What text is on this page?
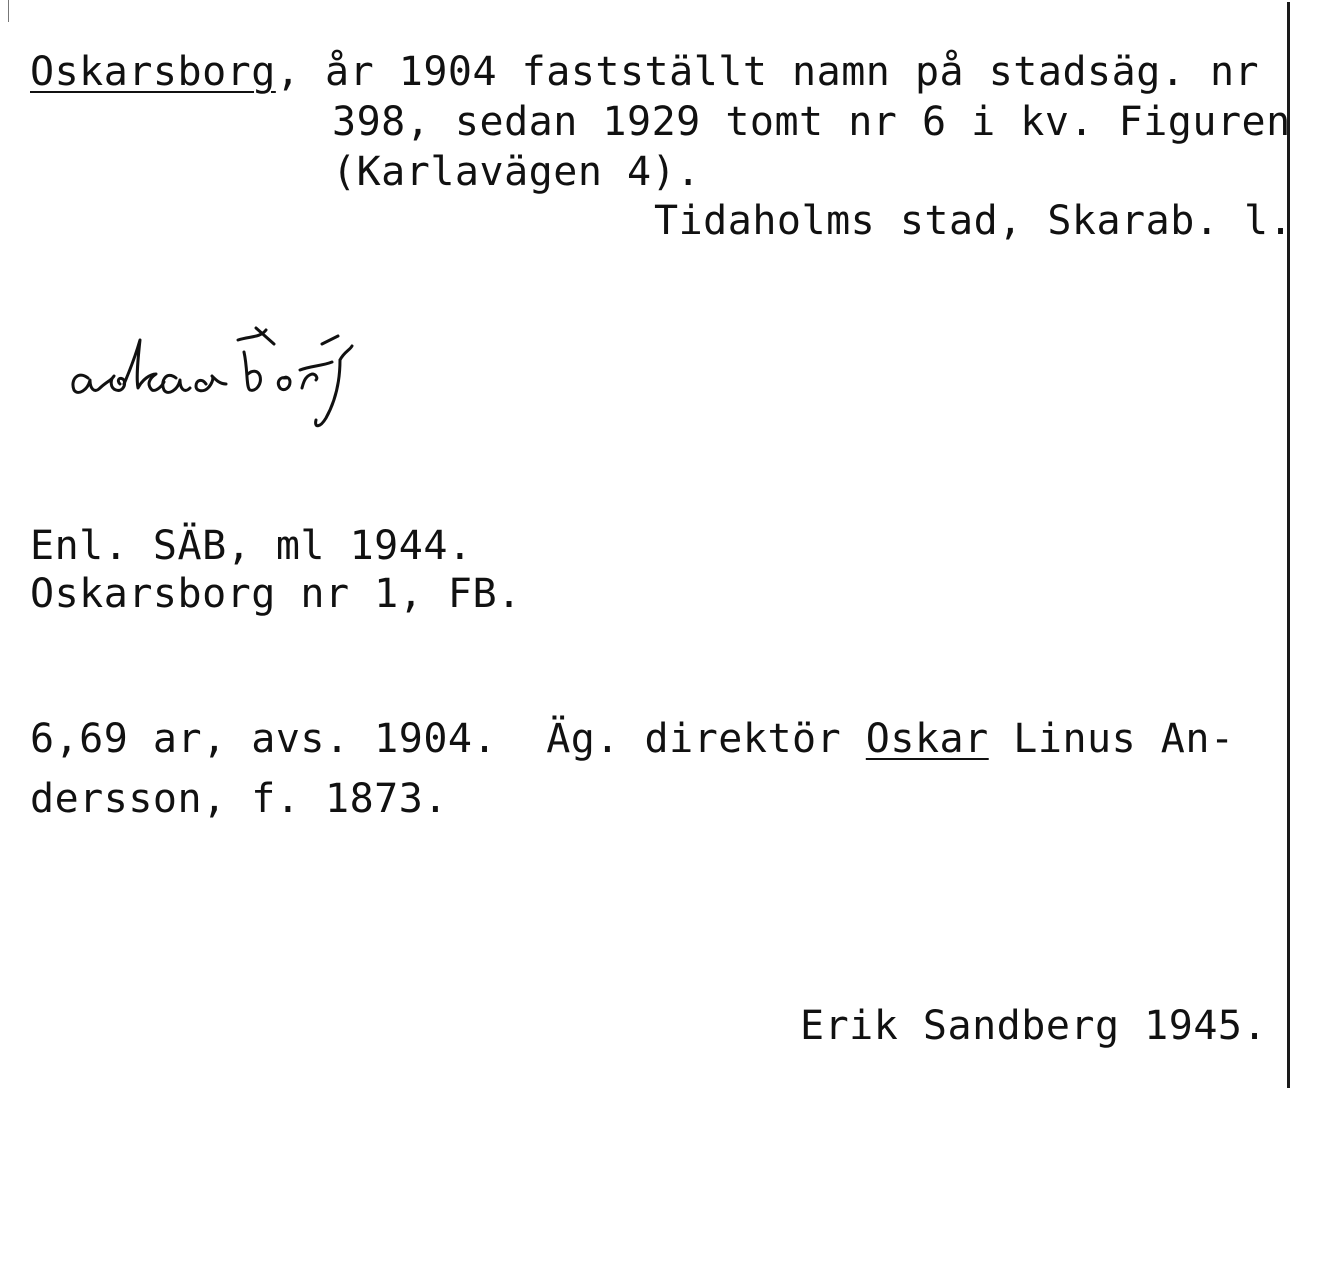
Oskarsborg, år 1904 fastställt namn på stadsäg. nr
398, sedan 1929 tomt nr 6 i kv. Figuren
(Karlavägen 4).
Tidaholms stad, Skarab. l.
Enl. SÄB, ml 1944.
Oskarsborg nr 1, FB.
6,69 ar, avs. 1904.  Äg. direktör Oskar Linus An-
dersson, f. 1873.
Erik Sandberg 1945.
